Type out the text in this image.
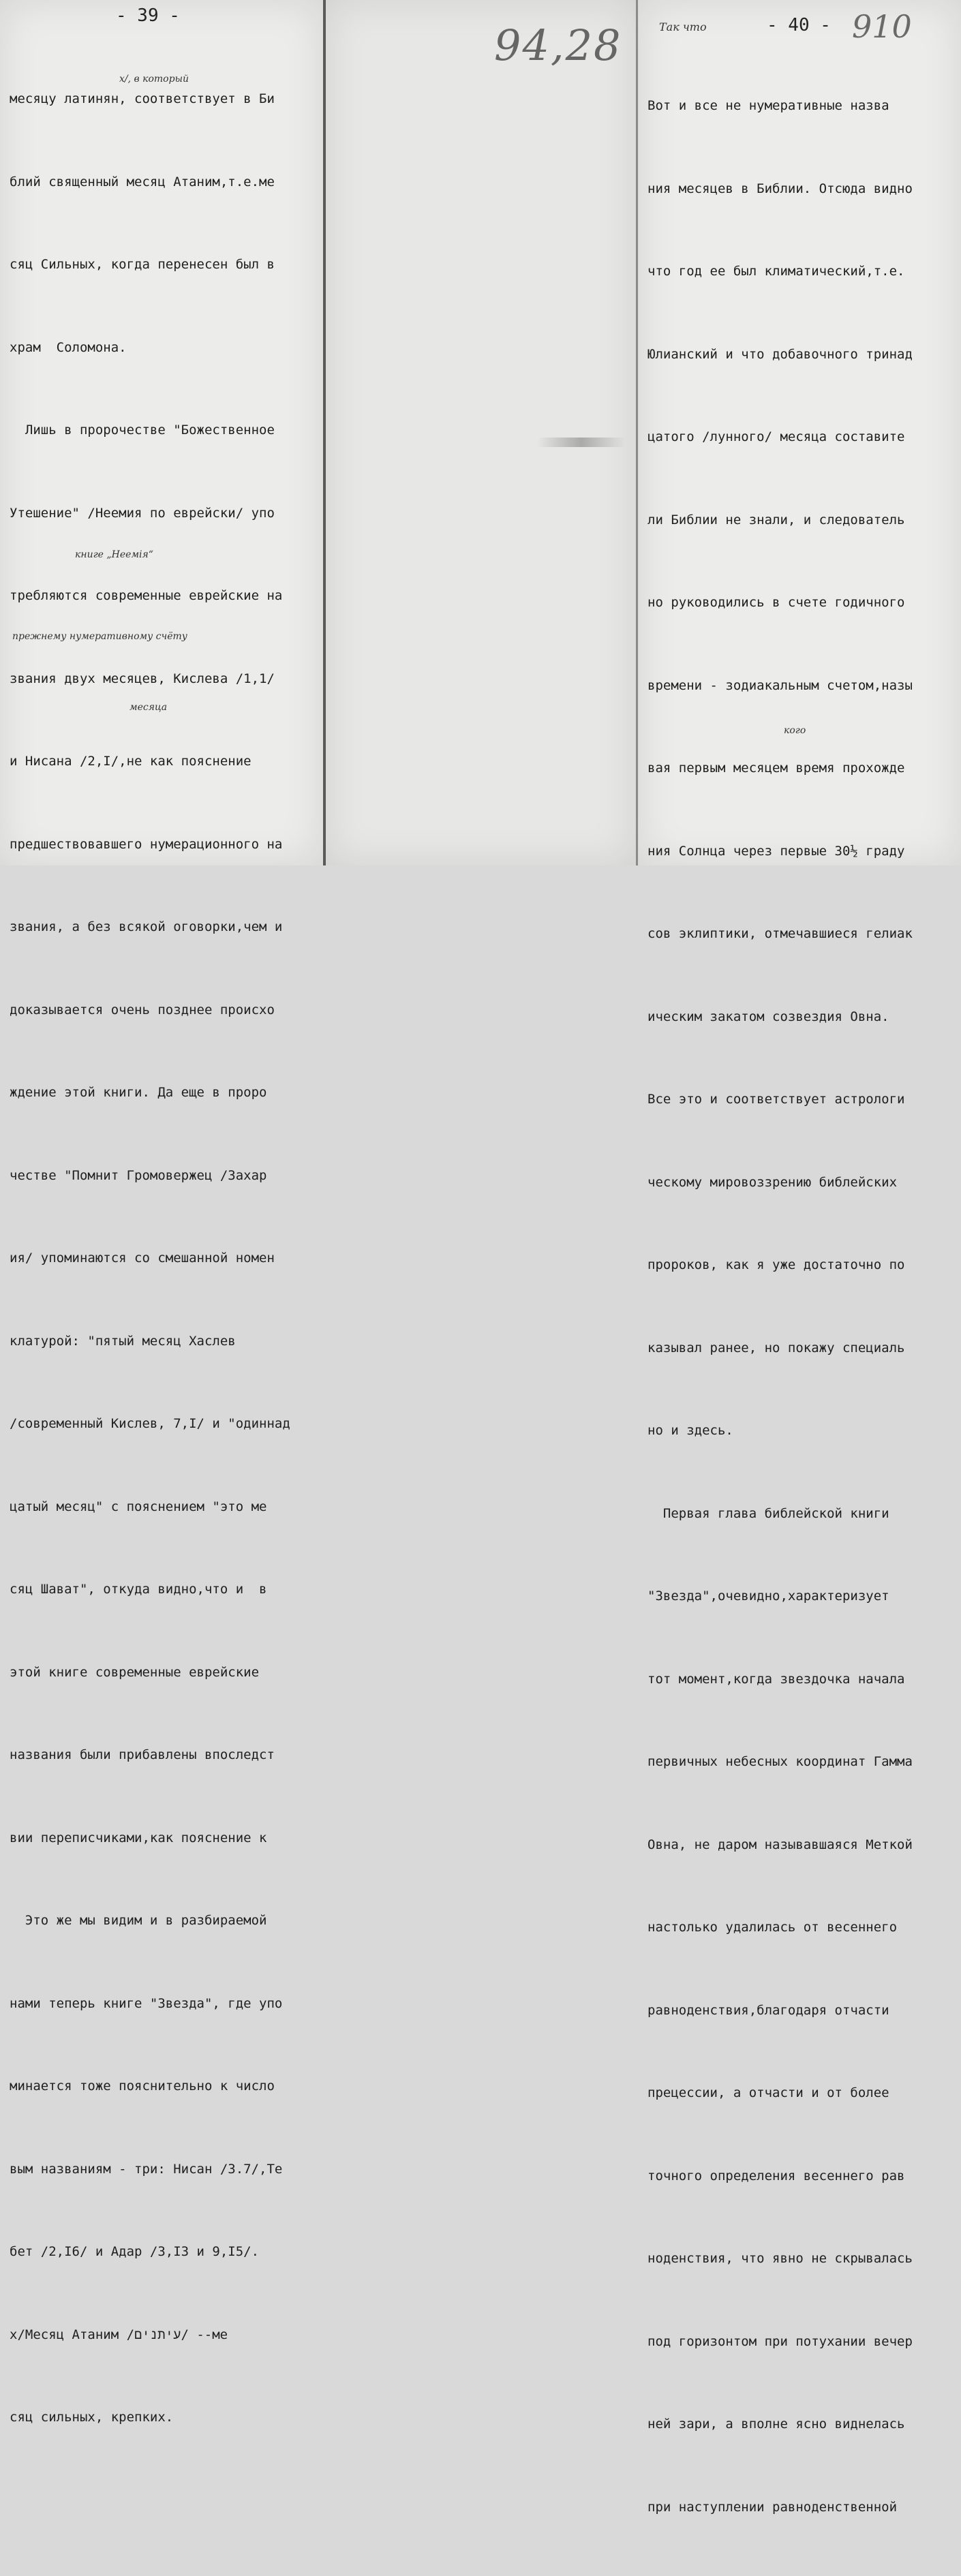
- 39 -	- 40 -
94,28	910
Так что

месяцу латинян, соответствует в Би

блий священный месяц Атаним,т.е.ме

сяц Сильных, когда перенесен был в

храм  Соломона.

Лишь в пророчестве "Божественное

Утешение" /Неемия по еврейски/ упо

требляются современные еврейские на

звания двух месяцев, Кислева /1,1/

и Нисана /2,I/,не как пояснение

предшествовавшего нумерационного на

звания, а без всякой оговорки,чем и

доказывается очень позднее происхо

ждение этой книги. Да еще в проро

честве "Помнит Громовержец /Захар

ия/ упоминаются со смешанной номен

клатурой: "пятый месяц Хаслев

/современный Кислев, 7,I/ и "одиннад

цатый месяц" с пояснением "это ме

сяц Шават", откуда видно,что и  в

этой книге современные еврейские

названия были прибавлены впоследст

вии переписчиками,как пояснение к

Это же мы видим и в разбираемой

нами теперь книге "Звезда", где упо

минается тоже пояснительно к число

вым названиям - три: Нисан /3.7/,Те

бет /2,I6/ и Адар /3,I3 и 9,I5/.

x/Месяц Атаним /עיתנים/ --ме

сяц сильных, крепких.

х/, в который
книге „Неемія“
прежнему нумеративному счёту
месяца
кого

Вот и все не нумеративные назва

ния месяцев в Библии. Отсюда видно

что год ее был климатический,т.е.

Юлианский и что добавочного тринад

цатого /лунного/ месяца составите

ли Библии не знали, и следователь

но руководились в счете годичного

времени - зодиакальным счетом,назы

вая первым месяцем время прохожде

ния Солнца через первые 30½ граду

сов эклиптики, отмечавшиеся гелиак

ическим закатом созвездия Овна.

Все это и соответствует астрологи

ческому мировоззрению библейских

пророков, как я уже достаточно по

казывал ранее, но покажу специаль

но и здесь.

Первая глава библейской книги

"Звезда",очевидно,характеризует

тот момент,когда звездочка начала

первичных небесных координат Гамма

Овна, не даром называвшаяся Меткой

настолько удалилась от весеннего

равноденствия,благодаря отчасти

прецессии, а отчасти и от более

точного определения весеннего рав

ноденствия, что явно не скрывалась

под горизонтом при потухании вечер

ней зари, а вполне ясно виднелась

при наступлении равноденственной
